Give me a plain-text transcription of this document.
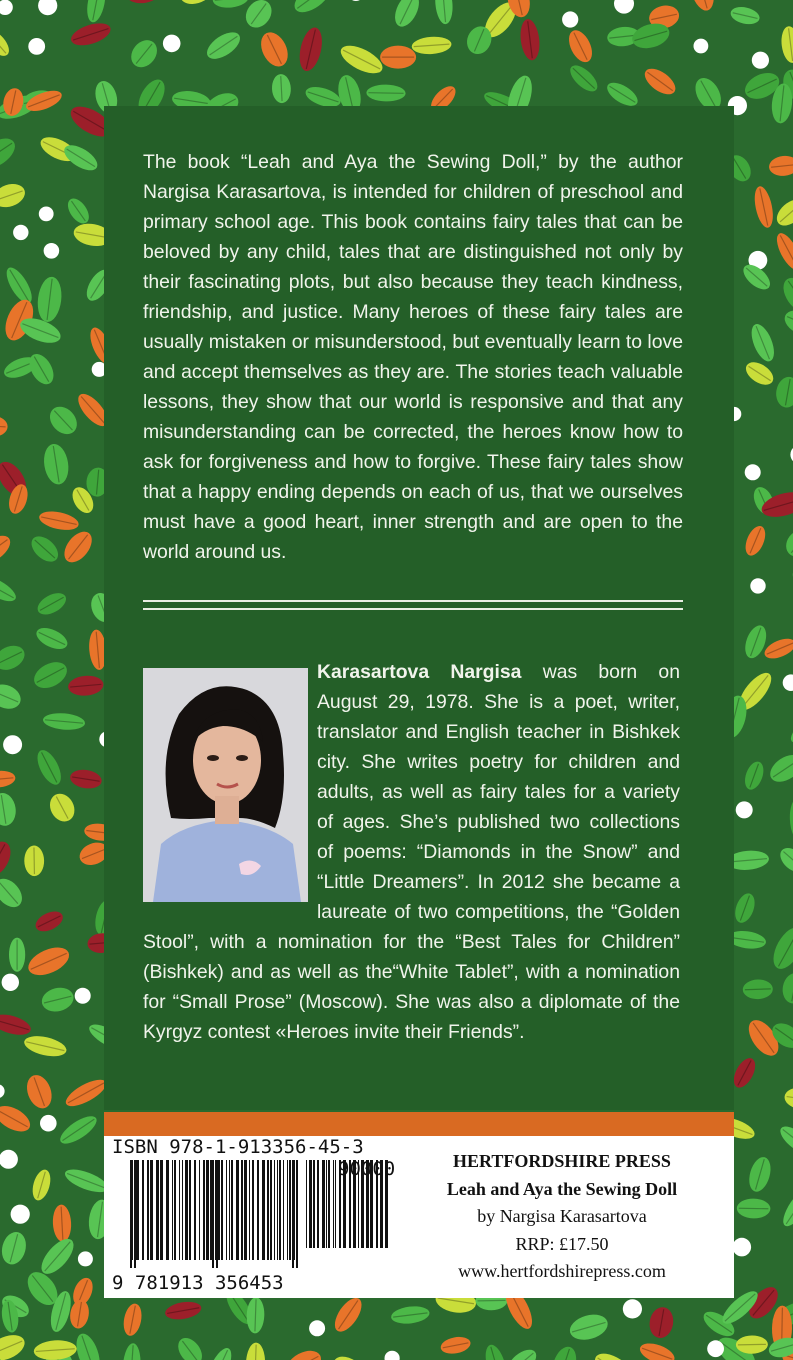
The book “Leah and Aya the Sewing Doll,” by the author Nargisa Karasartova, is intended for children of preschool and primary school age. This book contains fairy tales that can be beloved by any child, tales that are distinguished not only by their fascinating plots, but also because they teach kindness, friendship, and justice. Many heroes of these fairy tales are usually mistaken or misunderstood, but eventually learn to love and accept themselves as they are. The stories teach valuable lessons, they show that our world is responsive and that any misunderstanding can be corrected, the heroes know how to ask for forgiveness and how to forgive. These fairy tales show that a happy ending depends on each of us, that we ourselves must have a good heart, inner strength and are open to the world around us.

Karasartova Nargisa was born on August 29, 1978. She is a poet, writer, translator and English teacher in Bishkek city. She writes poetry for children and adults, as well as fairy tales for a variety of ages. She’s published two collections of poems: “Diamonds in the Snow” and “Little Dreamers”. In 2012 she became a laureate of two competitions, the “Golden Stool”, with a nomination for the “Best Tales for Children” (Bishkek) and as well as the“White Tablet”, with a nomination for “Small Prose” (Moscow). She was also a diplomate of the Kyrgyz contest «Heroes invite their Friends”.

ISBN 978-1-913356-45-3
90000
9 781913 356453
HERTFORDSHIRE PRESS
Leah and Aya the Sewing Doll
by Nargisa Karasartova
RRP: £17.50
www.hertfordshirepress.com
